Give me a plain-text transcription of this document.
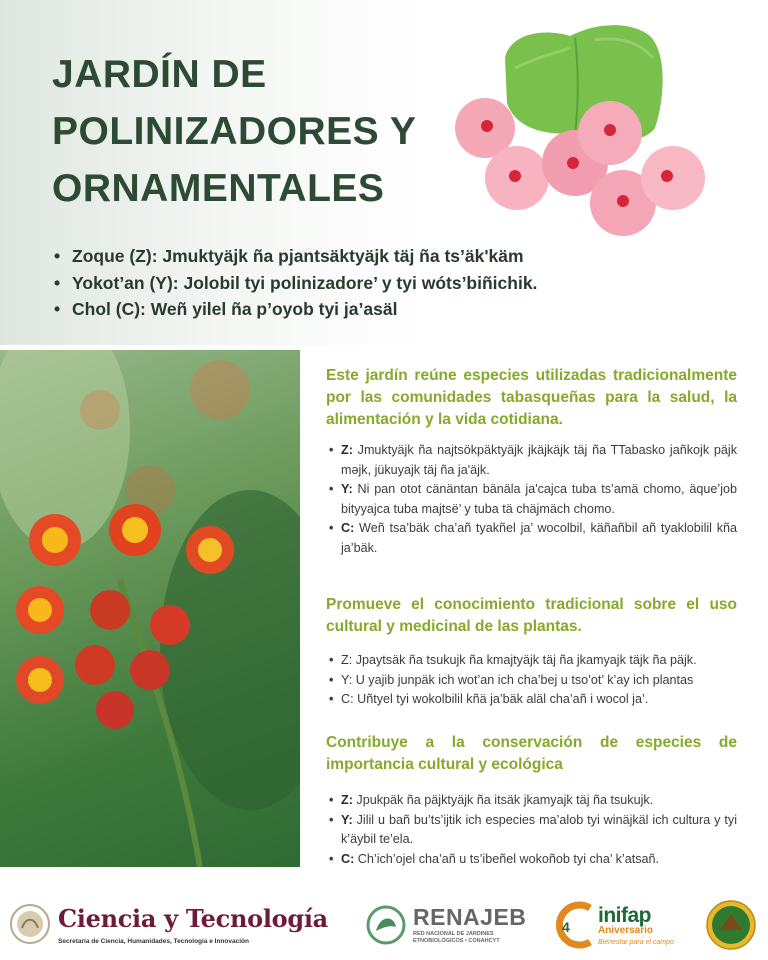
JARDÍN DE
POLINIZADORES Y
ORNAMENTALES
• Zoque (Z): Jmuktyäjk ña pjantsäktyäjk täj ña ts’äk'käm
• Yokot’an (Y): Jolobil tyi polinizadore’ y tyi wóts’biñichik.
• Chol (C): Weñ yilel ña p’oyob tyi ja’asäl

Este jardín reúne especies utilizadas tradicionalmente por las comunidades tabasqueñas para la salud, la alimentación y la vida cotidiana.

• Z: Jmuktyäjk ña najtsökpäktyäjk jkäjkäjk täj ña TTabasko jañkojk päjk məjk, jükuyajk täj ña ja'äjk.
• Y: Ni pan otot cänäntan bänäla ja'cajca tuba ts’amä chomo, äque’job bityyajca tuba majtsë’ y tuba tä chäjmäch chomo.
• C: Weñ tsa’bäk cha’añ tyakñel ja’ wocolbil, käñañbil añ tyaklobilil kña ja’bäk.

Promueve el conocimiento tradicional sobre el uso cultural y medicinal de las plantas.

• Z: Jpaytsäk ña tsukujk ña kmajtyäjk täj ña jkamyajk täjk ña päjk.
• Y: U yajib junpäk ich wot’an ich cha’bej u tso’ot’ k’ay ich plantas
• C: Uñtyel tyi wokolbilil kñä ja’bäk aläl cha’añ i wocol ja’.

Contribuye a la conservación de especies de importancia cultural y ecológica

• Z: Jpukpäk ña päjktyäjk ña itsäk jkamyajk täj ña tsukujk.
• Y: Jilil u bañ bu’ts’ijtik ich especies ma’alob tyi winäjkäl ich cultura y tyi k’äybil te’ela.
• C: Ch’ich’ojel cha’añ u ts’ibeñel wokoñob tyi cha’ k’atsañ.
Ciencia y Tecnología
Secretaría de Ciencia, Humanidades, Tecnología e Innovación
RENAJEB
RED NACIONAL DE JARDINES ETNOBIOLÓGICOS • CONAHCYT
4 inifap
Aniversario
Bienestar para el campo
